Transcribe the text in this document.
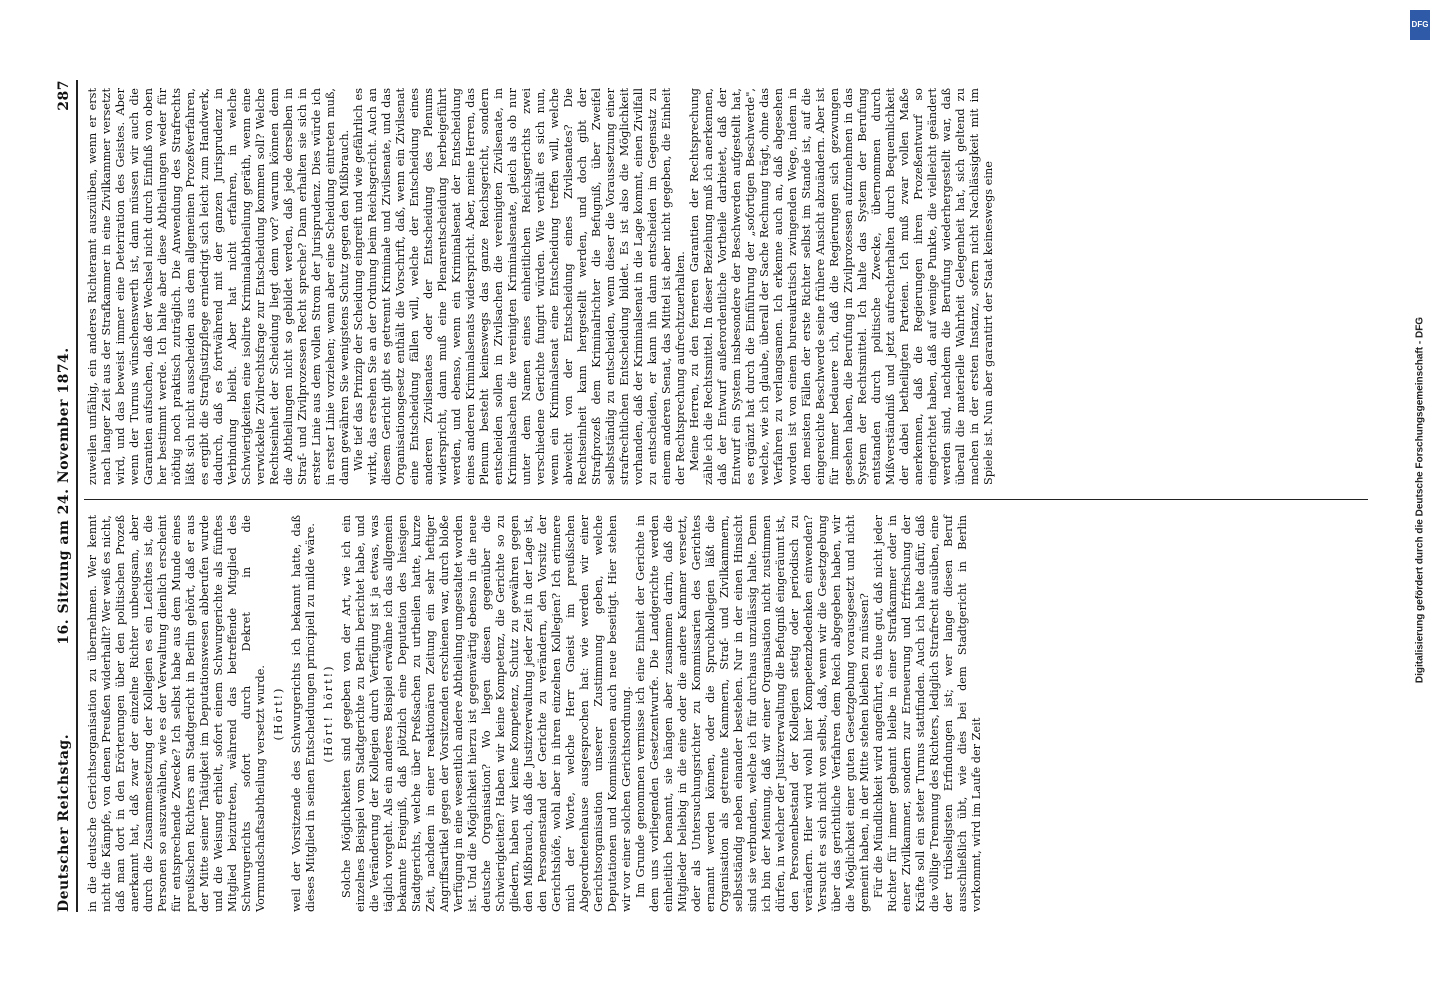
Deutscher Reichstag.
16. Sitzung am 24. November 1874.
287

in die deutsche Gerichtsorganisation zu übernehmen. Wer kennt nicht die Kämpfe, von denen Preußen widerhallt? Wer weiß es nicht, daß man dort in den Erörterungen über den politischen Prozeß anerkannt hat, daß zwar der einzelne Richter unbeugsam, aber durch die Zusammensetzung der Kollegien es ein Leichtes ist, die Personen so auszuwählen, wie es der Verwaltung dienlich erscheint für entsprechende Zwecke? Ich selbst habe aus dem Munde eines preußischen Richters am Stadtgericht in Berlin gehört, daß er aus der Mitte seiner Thätigkeit im Deputationswesen abberufen wurde und die Weisung erhielt, sofort einem Schwurgerichte als fünftes Mitglied beizutreten, während das betreffende Mitglied des Schwurgerichts sofort durch Dekret in die Vormundschaftsabtheilung versetzt wurde. (Hört!) weil der Vorsitzende des Schwurgerichts ich bekannt hatte, daß dieses Mitglied in seinen Entscheidungen principiell zu milde wäre. (Hört! hört!) Solche Möglichkeiten sind gegeben von der Art, wie ich ein einzelnes Beispiel vom Stadtgerichte zu Berlin berichtet habe, und die Veränderung der Kollegien durch Verfügung ist ja etwas, was täglich vorgeht. Als ein anderes Beispiel erwähne ich das allgemein bekannte Ereigniß, daß plötzlich eine Deputation des hiesigen Stadtgerichts, welche über Preßsachen zu urtheilen hatte, kurze Zeit, nachdem in einer reaktionären Zeitung ein sehr heftiger Angriffsartikel gegen der Vorsitzenden erschienen war, durch bloße Verfügung in eine wesentlich andere Abtheilung umgestaltet worden ist. Und die Möglichkeit hierzu ist gegenwärtig ebenso in die neue deutsche Organisation? Wo liegen diesen gegenüber die Schwierigkeiten? Haben wir keine Kompetenz, die Gerichte so zu gliedern, haben wir keine Kompetenz, Schutz zu gewähren gegen den Mißbrauch, daß die Justizverwaltung jeder Zeit in der Lage ist, den Personenstand der Gerichte zu verändern, den Vorsitz der Gerichtshöfe, wohl aber in ihren einzelnen Kollegien? Ich erinnere mich der Worte, welche Herr Gneist im preußischen Abgeordnetenhause ausgesprochen hat: wie werden wir einer Gerichtsorganisation unserer Zustimmung geben, welche Deputationen und Kommissionen auch neue beseitigt. Hier stehen wir vor einer solchen Gerichtsordnung. Im Grunde genommen vermisse ich eine Einheit der Gerichte in dem uns vorliegenden Gesetzentwurfe. Die Landgerichte werden einheitlich benannt, sie hängen aber zusammen darin, daß die Mitglieder beliebig in die eine oder die andere Kammer versetzt, oder als Untersuchungsrichter zu Kommissarien des Gerichtes ernannt werden können, oder die Spruchkollegien läßt die Organisation als getrennte Kammern, Straf- und Zivilkammern, selbstständig neben einander bestehen. Nur in der einen Hinsicht sind sie verbunden, welche ich für durchaus unzulässig halte. Denn ich bin der Meinung, daß wir einer Organisation nicht zustimmen dürfen, in welcher der Justizverwaltung die Befugniß eingeräumt ist, den Personenbestand der Kollegien stetig oder periodisch zu verändern. Hier wird wohl hier Kompetenzbedenken einwenden? Versucht es sich nicht von selbst, daß, wenn wir die Gesetzgebung über das gerichtliche Verfahren dem Reich abgegeben haben, wir die Möglichkeit einer guten Gesetzgebung vorausgesetzt und nicht gemeint haben, in der Mitte stehen bleiben zu müssen? Für die Mündlichkeit wird angeführt, es thue gut, daß nicht jeder Richter für immer gebannt bleibe in einer Strafkammer oder in einer Zivilkammer, sondern zur Erneuerung und Erfrischung der Kräfte soll ein steter Turnus stattfinden. Auch ich halte dafür, daß die völlige Trennung des Richters, lediglich Strafrecht ausüben, eine der trübseligsten Erfindungen ist; wer lange diesen Beruf ausschließlich übt, wie dies bei dem Stadtgericht in Berlin vorkommt, wird im Laufe der Zeit

zuweilen unfähig, ein anderes Richteramt auszuüben, wenn er erst nach langer Zeit aus der Strafkammer in eine Zivilkammer versetzt wird, und das beweist immer eine Deteriration des Geistes. Aber wenn der Turnus wünschenswerth ist, dann müssen wir auch die Garantien aufsuchen, daß der Wechsel nicht durch Einfluß von oben her bestimmt werde. Ich halte aber diese Abtheilungen weder für nöthig noch praktisch zuträglich. Die Anwendung des Strafrechts läßt sich nicht ausscheiden aus dem allgemeinen Prozeßverfahren, es ergibt die Strafjustizpflege erniedrigt sich leicht zum Handwerk, dadurch, daß es fortwährend mit der ganzen Jurisprudenz in Verbindung bleibt. Aber hat nicht erfahren, in welche Schwierigkeiten eine isolirte Kriminalabtheilung geräth, wenn eine verwickelte Zivilrechtsfrage zur Entscheidung kommen soll? Welche Rechtseinheit der Scheidung liegt denn vor? warum können denn die Abtheilungen nicht so gebildet werden, daß jede derselben in Straf- und Zivilprozessen Recht spreche? Dann erhalten sie sich in erster Linie aus dem vollen Strom der Jurisprudenz. Dies würde ich in erster Linie vorziehen; wenn aber eine Scheidung eintreten muß, dann gewähren Sie wenigstens Schutz gegen den Mißbrauch. Wie tief das Prinzip der Scheidung eingreift und wie gefährlich es wirkt, das ersehen Sie an der Ordnung beim Reichsgericht. Auch an diesem Gericht gibt es getrennt Kriminale und Zivilsenate, und das Organisationsgesetz enthält die Vorschrift, daß, wenn ein Zivilsenat eine Entscheidung fällen will, welche der Entscheidung eines anderen Zivilsenates oder der Entscheidung des Plenums widerspricht, dann muß eine Plenarentscheidung herbeigeführt werden, und ebenso, wenn ein Kriminalsenat der Entscheidung eines anderen Kriminalsenats widerspricht. Aber, meine Herren, das Plenum besteht keineswegs das ganze Reichsgericht, sondern entscheiden sollen in Zivilsachen die vereinigten Zivilsenate, in Kriminalsachen die vereinigten Kriminalsenate, gleich als ob nur unter dem Namen eines einheitlichen Reichsgerichts zwei verschiedene Gerichte fungirt würden. Wie verhält es sich nun, wenn ein Kriminalsenat eine Entscheidung treffen will, welche abweicht von der Entscheidung eines Zivilsenates? Die Rechtseinheit kann hergestellt werden, und doch gibt der Strafprozeß dem Kriminalrichter die Befugniß, über Zweifel selbstständig zu entscheiden, wenn dieser die Voraussetzung einer strafrechtlichen Entscheidung bildet. Es ist also die Möglichkeit vorhanden, daß der Kriminalsenat in die Lage kommt, einen Zivilfall zu entscheiden, er kann ihn dann entscheiden im Gegensatz zu einem anderen Senat, das Mittel ist aber nicht gegeben, die Einheit der Rechtsprechung aufrechtzuerhalten. Meine Herren, zu den ferneren Garantien der Rechtsprechung zähle ich die Rechtsmittel. In dieser Beziehung muß ich anerkennen, daß der Entwurf außerordentliche Vortheile darbietet, daß der Entwurf ein System insbesondere der Beschwerden aufgestellt hat, es ergänzt hat durch die Einführung der „sofortigen Beschwerde", welche, wie ich glaube, überall der Sache Rechnung trägt, ohne das Verfahren zu verlangsamen. Ich erkenne auch an, daß abgesehen worden ist von einem bureaukratisch zwingenden Wege, indem in den meisten Fällen der erste Richter selbst im Stande ist, auf die eingereichte Beschwerde seine frühere Ansicht abzuändern. Aber ist für immer bedauere ich, daß die Regierungen sich gezwungen gesehen haben, die Berufung in Zivilprozessen aufzunehmen in das System der Rechtsmittel. Ich halte das System der Berufung entstanden durch politische Zwecke, übernommen durch Mißverständniß und jetzt aufrechterhalten durch Bequemlichkeit der dabei betheiligten Parteien. Ich muß zwar vollen Maße anerkennen, daß die Regierungen ihren Prozeßentwurf so eingerichtet haben, daß auf wenige Punkte, die vielleicht geändert werden sind, nachdem die Berufung wiederhergestellt war, daß überall die materielle Wahrheit Gelegenheit hat, sich geltend zu machen in der ersten Instanz, sofern nicht Nachlässigkeit mit im Spiele ist. Nun aber garantirt der Staat keineswegs eine	Digitalisierung gefördert durch die Deutsche Forschungsgemeinschaft - DFG
DFG
